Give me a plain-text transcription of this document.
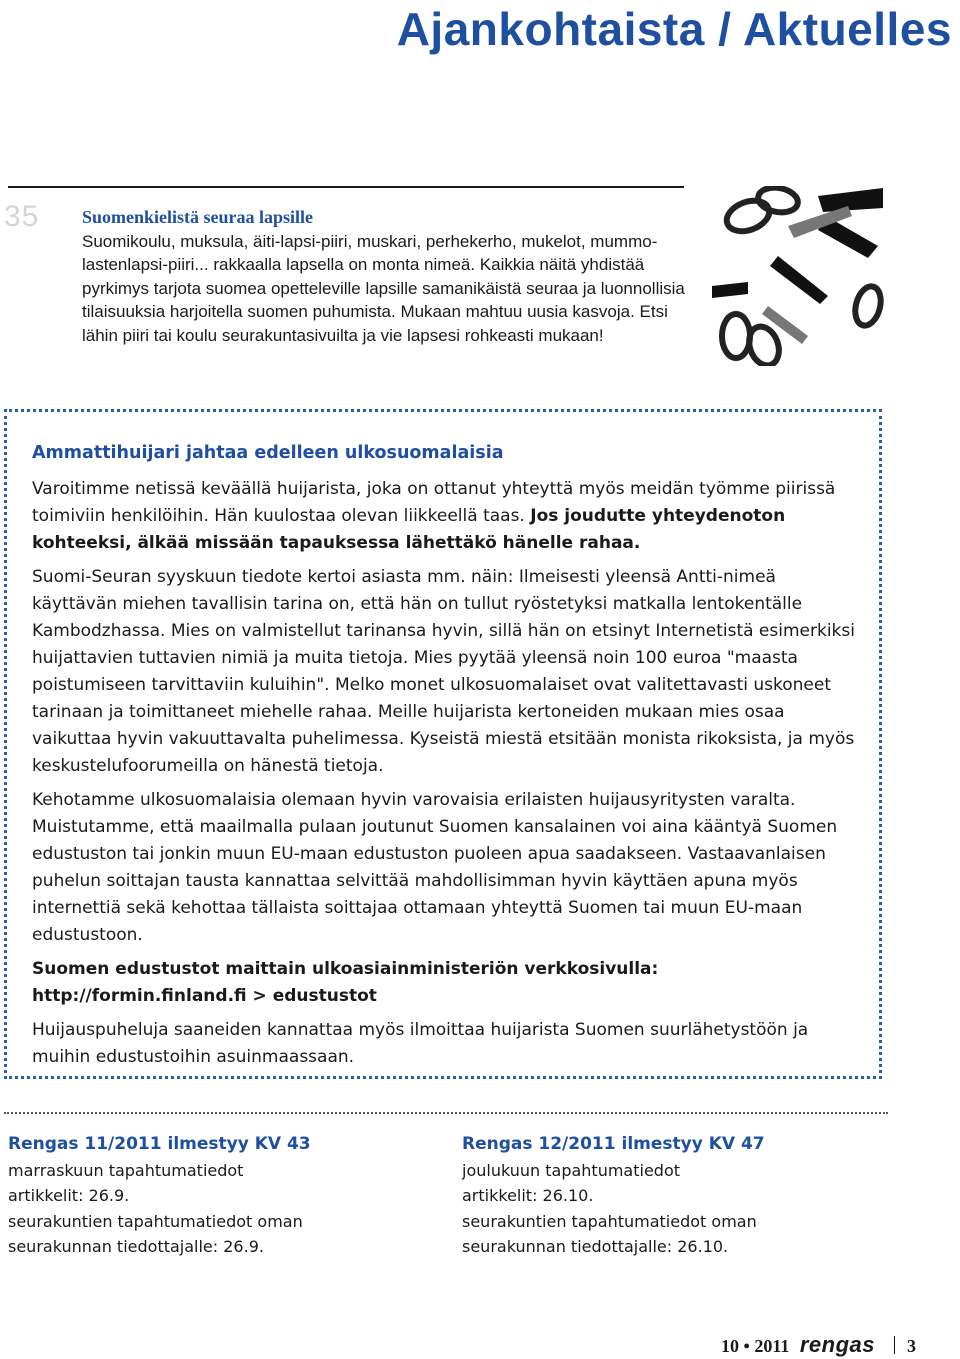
Ajankohtaista / Aktuelles
35 Suomenkielistä seuraa lapsille

Suomikoulu, muksula, äiti-lapsi-piiri, muskari, perhekerho, mukelot, mummo-lastenlapsi-piiri... rakkaalla lapsella on monta nimeä. Kaikkia näitä yhdistää pyrkimys tarjota suomea opetteleville lapsille samanikäistä seuraa ja luonnollisia tilaisuuksia harjoitella suomen puhumista. Mukaan mahtuu uusia kasvoja. Etsi lähin piiri tai koulu seurakuntasivuilta ja vie lapsesi rohkeasti mukaan!

Ammattihuijari jahtaa edelleen ulkosuomalaisia

Varoitimme netissä keväällä huijarista, joka on ottanut yhteyttä myös meidän työmme piirissä toimiviin henkilöihin. Hän kuulostaa olevan liikkeellä taas. Jos joudutte yhteydenoton kohteeksi, älkää missään tapauksessa lähettäkö hänelle rahaa.

Suomi-Seuran syyskuun tiedote kertoi asiasta mm. näin: Ilmeisesti yleensä Antti-nimeä käyttävän miehen tavallisin tarina on, että hän on tullut ryöstetyksi matkalla lentokentälle Kambodzhassa. Mies on valmistellut tarinansa hyvin, sillä hän on etsinyt Internetistä esimerkiksi huijattavien tuttavien nimiä ja muita tietoja. Mies pyytää yleensä noin 100 euroa "maasta poistumiseen tarvittaviin kuluihin". Melko monet ulkosuomalaiset ovat valitettavasti uskoneet tarinaan ja toimittaneet miehelle rahaa. Meille huijarista kertoneiden mukaan mies osaa vaikuttaa hyvin vakuuttavalta puhelimessa. Kyseistä miestä etsitään monista rikoksista, ja myös keskustelufoorumeilla on hänestä tietoja.

Kehotamme ulkosuomalaisia olemaan hyvin varovaisia erilaisten huijausyritysten varalta. Muistutamme, että maailmalla pulaan joutunut Suomen kansalainen voi aina kääntyä Suomen edustuston tai jonkin muun EU-maan edustuston puoleen apua saadakseen. Vastaavanlaisen puhelun soittajan tausta kannattaa selvittää mahdollisimman hyvin käyttäen apuna myös internettiä sekä kehottaa tällaista soittajaa ottamaan yhteyttä Suomen tai muun EU-maan edustustoon.

Suomen edustustot maittain ulkoasiainministeriön verkkosivulla:
http://formin.finland.fi > edustustot

Huijauspuheluja saaneiden kannattaa myös ilmoittaa huijarista Suomen suurlähetystöön ja muihin edustustoihin asuinmaassaan.

Rengas 11/2011 ilmestyy KV 43
marraskuun tapahtumatiedot
artikkelit: 26.9.
seurakuntien tapahtumatiedot oman
seurakunnan tiedottajalle: 26.9.
Rengas 12/2011 ilmestyy KV 47
joulukuun tapahtumatiedot
artikkelit: 26.10.
seurakuntien tapahtumatiedot oman
seurakunnan tiedottajalle: 26.10.
10 • 2011 rengas 3
